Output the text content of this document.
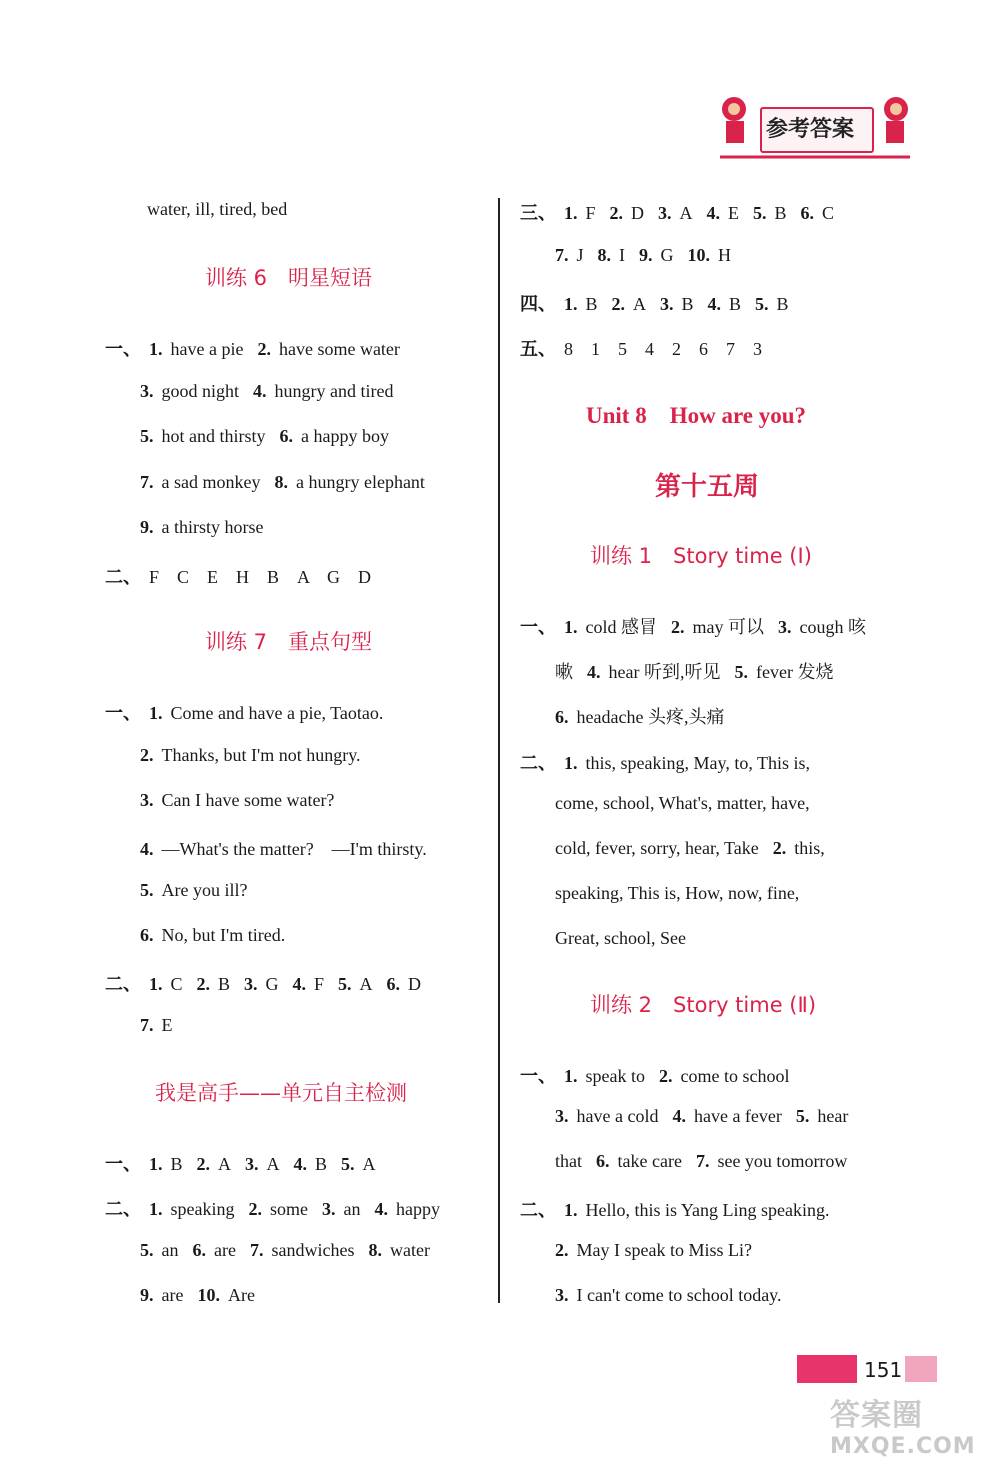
参考答案
water, ill, tired, bed
训练 6　明星短语
一、 1. have a pie 2. have some water
3. good night 4. hungry and tired
5. hot and thirsty 6. a happy boy
7. a sad monkey 8. a hungry elephant
9. a thirsty horse
二、 F　C　E　H　B　A　G　D
训练 7　重点句型
一、 1. Come and have a pie, Taotao.
2. Thanks, but I'm not hungry.
3. Can I have some water?
4. —What's the matter?　—I'm thirsty.
5. Are you ill?
6. No, but I'm tired.
二、 1. C 2. B 3. G 4. F 5. A 6. D
7. E
我是高手——单元自主检测
一、 1. B 2. A 3. A 4. B 5. A
二、 1. speaking 2. some 3. an 4. happy
5. an 6. are 7. sandwiches 8. water
9. are 10. Are
三、 1. F 2. D 3. A 4. E 5. B 6. C
7. J 8. I 9. G 10. H
四、 1. B 2. A 3. B 4. B 5. B
五、 8　1　5　4　2　6　7　3
Unit 8　How are you?
第十五周
训练 1　Story time (Ⅰ)
一、 1. cold 感冒 2. may 可以 3. cough 咳
嗽 4. hear 听到,听见 5. fever 发烧
6. headache 头疼,头痛
二、 1. this, speaking, May, to, This is,
come, school, What's, matter, have,
cold, fever, sorry, hear, Take 2. this,
speaking, This is, How, now, fine,
Great, school, See
训练 2　Story time (Ⅱ)
一、 1. speak to 2. come to school
3. have a cold 4. have a fever 5. hear
that 6. take care 7. see you tomorrow
二、 1. Hello, this is Yang Ling speaking.
2. May I speak to Miss Li?
3. I can't come to school today.
151
答案圈
MXQE.COM
